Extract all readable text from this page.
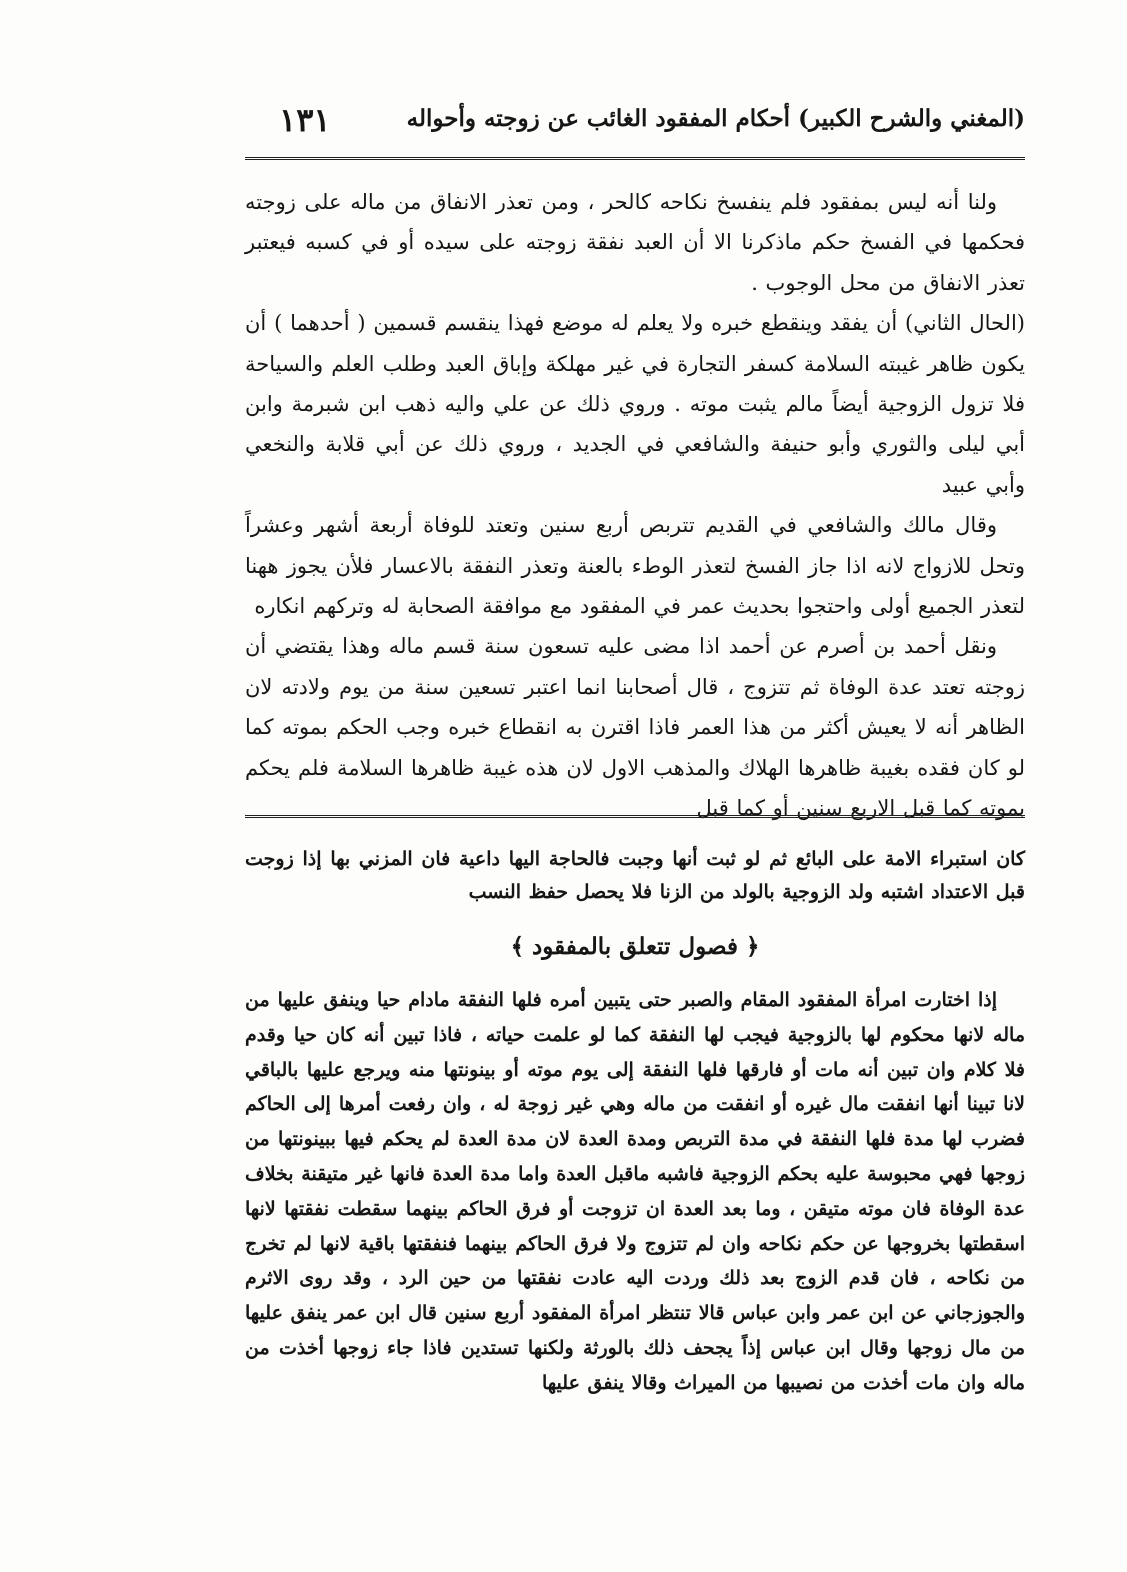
(المغني والشرح الكبير) أحكام المفقود الغائب عن زوجته وأحواله
١٣١

ولنا أنه ليس بمفقود فلم ينفسخ نكاحه كالحر ، ومن تعذر الانفاق من ماله على زوجته فحكمها في الفسخ حكم ماذكرنا الا أن العبد نفقة زوجته على سيده أو في كسبه فيعتبر تعذر الانفاق من محل الوجوب .

(الحال الثاني) أن يفقد وينقطع خبره ولا يعلم له موضع فهذا ينقسم قسمين ( أحدهما ) أن يكون ظاهر غيبته السلامة كسفر التجارة في غير مهلكة وإباق العبد وطلب العلم والسياحة فلا تزول الزوجية أيضاً مالم يثبت موته . وروي ذلك عن علي واليه ذهب ابن شبرمة وابن أبي ليلى والثوري وأبو حنيفة والشافعي في الجديد ، وروي ذلك عن أبي قلابة والنخعي وأبي عبيد

وقال مالك والشافعي في القديم تتربص أربع سنين وتعتد للوفاة أربعة أشهر وعشراً وتحل للازواج لانه اذا جاز الفسخ لتعذر الوطء بالعنة وتعذر النفقة بالاعسار فلأن يجوز ههنا لتعذر الجميع أولى واحتجوا بحديث عمر في المفقود مع موافقة الصحابة له وتركهم انكاره

ونقل أحمد بن أصرم عن أحمد اذا مضى عليه تسعون سنة قسم ماله وهذا يقتضي أن زوجته تعتد عدة الوفاة ثم تتزوج ، قال أصحابنا انما اعتبر تسعين سنة من يوم ولادته لان الظاهر أنه لا يعيش أكثر من هذا العمر فاذا اقترن به انقطاع خبره وجب الحكم بموته كما لو كان فقده بغيبة ظاهرها الهلاك والمذهب الاول لان هذه غيبة ظاهرها السلامة فلم يحكم بموته كما قبل الاربع سنين أو كما قبل

كان استبراء الامة على البائع ثم لو ثبت أنها وجبت فالحاجة اليها داعية فان المزني بها إذا زوجت قبل الاعتداد اشتبه ولد الزوجية بالولد من الزنا فلا يحصل حفظ النسب

﴿ فصول تتعلق بالمفقود ﴾

إذا اختارت امرأة المفقود المقام والصبر حتى يتبين أمره فلها النفقة مادام حيا وينفق عليها من ماله لانها محكوم لها بالزوجية فيجب لها النفقة كما لو علمت حياته ، فاذا تبين أنه كان حيا وقدم فلا كلام وان تبين أنه مات أو فارقها فلها النفقة إلى يوم موته أو بينونتها منه ويرجع عليها بالباقي لانا تبينا أنها انفقت مال غيره أو انفقت من ماله وهي غير زوجة له ، وان رفعت أمرها إلى الحاكم فضرب لها مدة فلها النفقة في مدة التربص ومدة العدة لان مدة العدة لم يحكم فيها ببينونتها من زوجها فهي محبوسة عليه بحكم الزوجية فاشبه ماقبل العدة واما مدة العدة فانها غير متيقنة بخلاف عدة الوفاة فان موته متيقن ، وما بعد العدة ان تزوجت أو فرق الحاكم بينهما سقطت نفقتها لانها اسقطتها بخروجها عن حكم نكاحه وان لم تتزوج ولا فرق الحاكم بينهما فنفقتها باقية لانها لم تخرج من نكاحه ، فان قدم الزوج بعد ذلك وردت اليه عادت نفقتها من حين الرد ، وقد روى الاثرم والجوزجاني عن ابن عمر وابن عباس قالا تنتظر امرأة المفقود أربع سنين قال ابن عمر ينفق عليها من مال زوجها وقال ابن عباس إذاً يجحف ذلك بالورثة ولكنها تستدين فاذا جاء زوجها أخذت من ماله وان مات أخذت من نصيبها من الميراث وقالا ينفق عليها
